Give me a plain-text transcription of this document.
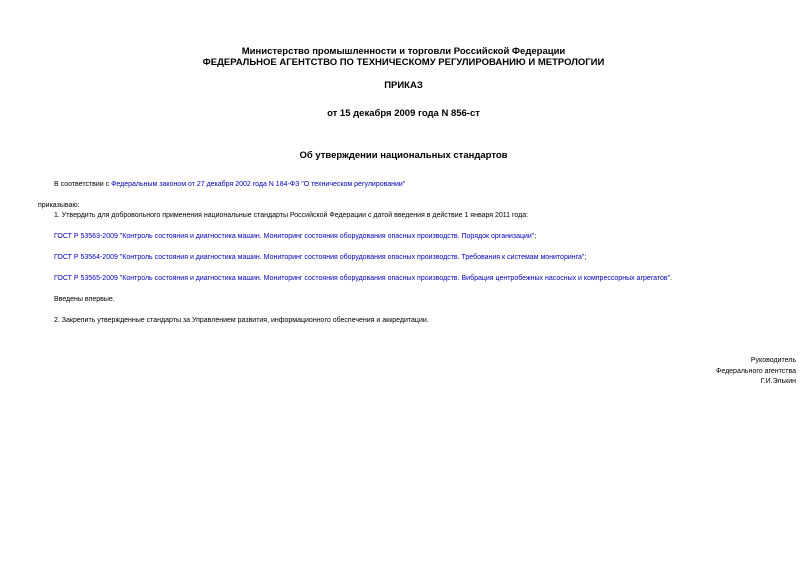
Министерство промышленности и торговли Российской Федерации
ФЕДЕРАЛЬНОЕ АГЕНТСТВО ПО ТЕХНИЧЕСКОМУ РЕГУЛИРОВАНИЮ И МЕТРОЛОГИИ
ПРИКАЗ
от 15 декабря 2009 года N 856-ст
Об утверждении национальных стандартов
В соответствии с Федеральным законом от 27 декабря 2002 года N 184-ФЗ "О техническом регулировании"
приказываю:
1. Утвердить для добровольного применения национальные стандарты Российской Федерации с датой введения в действие 1 января 2011 года:
ГОСТ Р 53563-2009 "Контроль состояния и диагностика машин. Мониторинг состояния оборудования опасных производств. Порядок организации";
ГОСТ Р 53564-2009 "Контроль состояния и диагностика машин. Мониторинг состояния оборудования опасных производств. Требования к системам мониторинга";
ГОСТ Р 53565-2009 "Контроль состояния и диагностика машин. Мониторинг состояния оборудования опасных производств. Вибрация центробежных насосных и компрессорных агрегатов".
Введены впервые.
2. Закрепить утвержденные стандарты за Управлением развития, информационного обеспечения и аккредитации.
Руководитель
Федерального агентства
Г.И.Элькин
